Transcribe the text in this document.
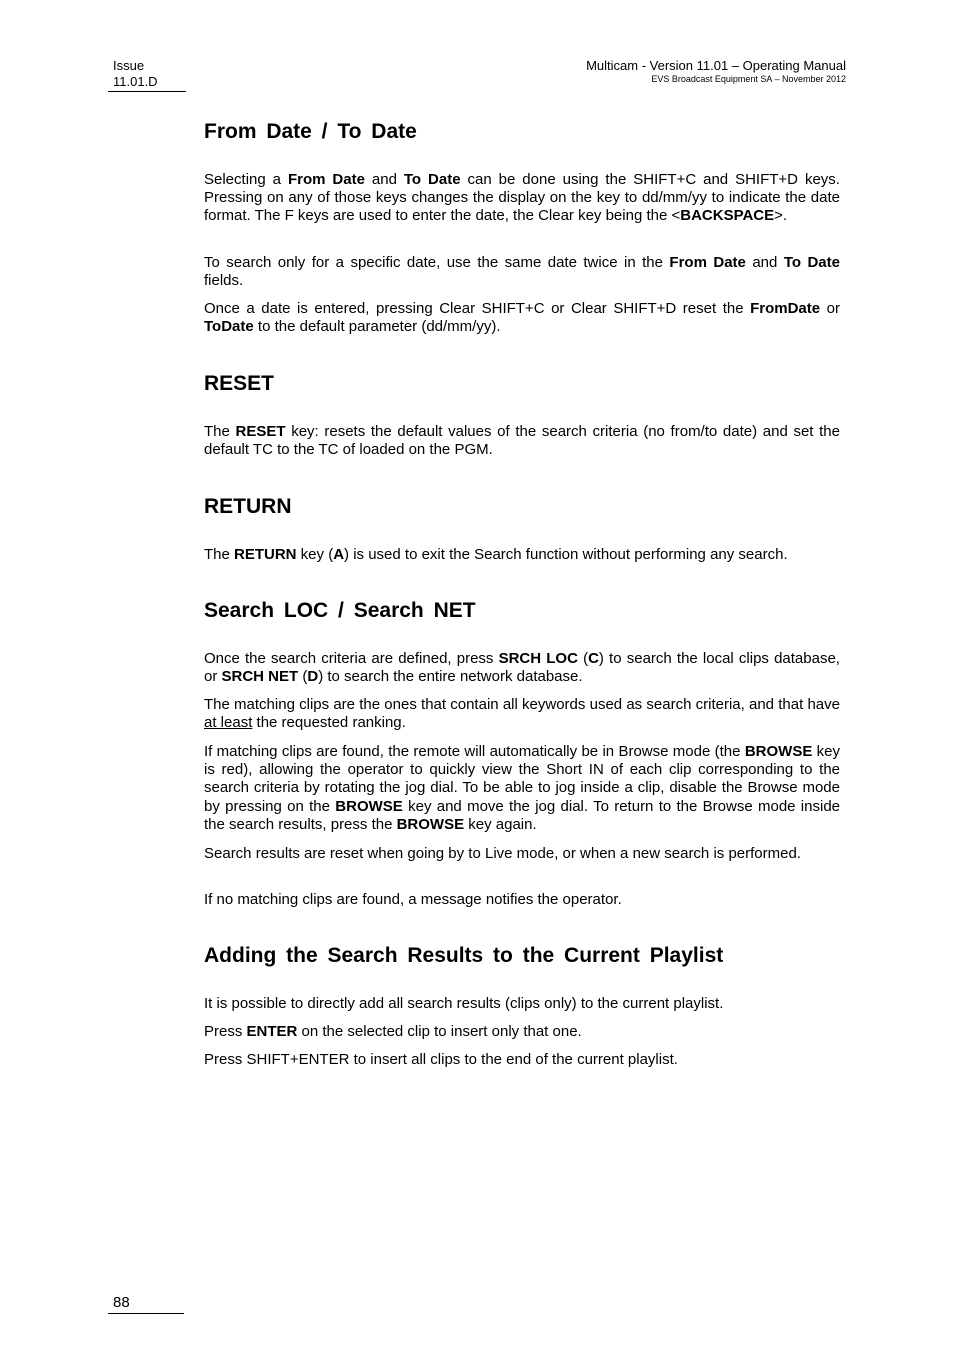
Issue
11.01.D
Multicam - Version 11.01 – Operating Manual
EVS Broadcast Equipment SA – November 2012
From Date / To Date

Selecting a From Date and To Date can be done using the SHIFT+C and SHIFT+D keys. Pressing on any of those keys changes the display on the key to dd/mm/yy to indicate the date format. The F keys are used to enter the date, the Clear key being the <BACKSPACE>.

To search only for a specific date, use the same date twice in the From Date and To Date fields.

Once a date is entered, pressing Clear SHIFT+C or Clear SHIFT+D reset the FromDate or ToDate to the default parameter (dd/mm/yy).

RESET

The RESET key: resets the default values of the search criteria (no from/to date) and set the default TC to the TC of loaded on the PGM.

RETURN

The RETURN key (A) is used to exit the Search function without performing any search.

Search LOC / Search NET

Once the search criteria are defined, press SRCH LOC (C) to search the local clips database, or SRCH NET (D) to search the entire network database.

The matching clips are the ones that contain all keywords used as search criteria, and that have at least the requested ranking.

If matching clips are found, the remote will automatically be in Browse mode (the BROWSE key is red), allowing the operator to quickly view the Short IN of each clip corresponding to the search criteria by rotating the jog dial. To be able to jog inside a clip, disable the Browse mode by pressing on the BROWSE key and move the jog dial. To return to the Browse mode inside the search results, press the BROWSE key again.

Search results are reset when going by to Live mode, or when a new search is performed.

If no matching clips are found, a message notifies the operator.

Adding the Search Results to the Current Playlist

It is possible to directly add all search results (clips only) to the current playlist.

Press ENTER on the selected clip to insert only that one.

Press SHIFT+ENTER to insert all clips to the end of the current playlist.

88
